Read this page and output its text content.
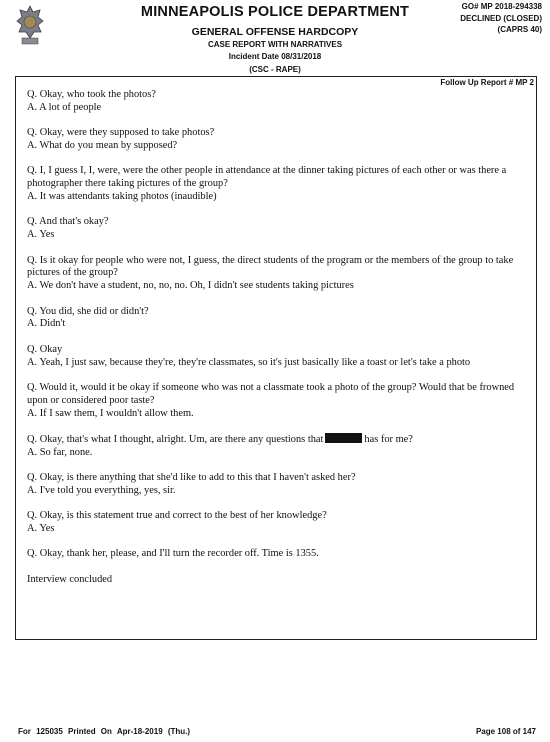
MINNEAPOLIS POLICE DEPARTMENT
GENERAL OFFENSE HARDCOPY
CASE REPORT WITH NARRATIVES
Incident Date 08/31/2018
(CSC - RAPE)
GO# MP 2018-294338
DECLINED (CLOSED)
(CAPRS 40)
Follow Up Report # MP 2

Q. Okay, who took the photos?

A. A lot of people

Q. Okay, were they supposed to take photos?

A. What do you mean by supposed?

Q. I, I guess I, I, were, were the other people in attendance at the dinner taking pictures of each other or was there a photographer there taking pictures of the group?

A. It was attendants taking photos (inaudible)

Q. And that's okay?

A. Yes

Q. Is it okay for people who were not, I guess, the direct students of the program or the members of the group to take pictures of the group?

A. We don't have a student, no, no, no. Oh, I didn't see students taking pictures

Q. You did, she did or didn't?

A. Didn't

Q. Okay

A. Yeah, I just saw, because they're, they're classmates, so it's just basically like a toast or let's take a photo

Q. Would it, would it be okay if someone who was not a classmate took a photo of the group? Would that be frowned upon or considered poor taste?

A. If I saw them, I wouldn't allow them.

Q. Okay, that's what I thought, alright. Um, are there any questions that	has for me?

A. So far, none.

Q. Okay, is there anything that she'd like to add to this that I haven't asked her?

A. I've told you everything, yes, sir.

Q. Okay, is this statement true and correct to the best of her knowledge?

A. Yes

Q. Okay, thank her, please, and I'll turn the recorder off. Time is 1355.

Interview concluded

For 125035 Printed On Apr-18-2019 (Thu.)	Page 108 of 147
